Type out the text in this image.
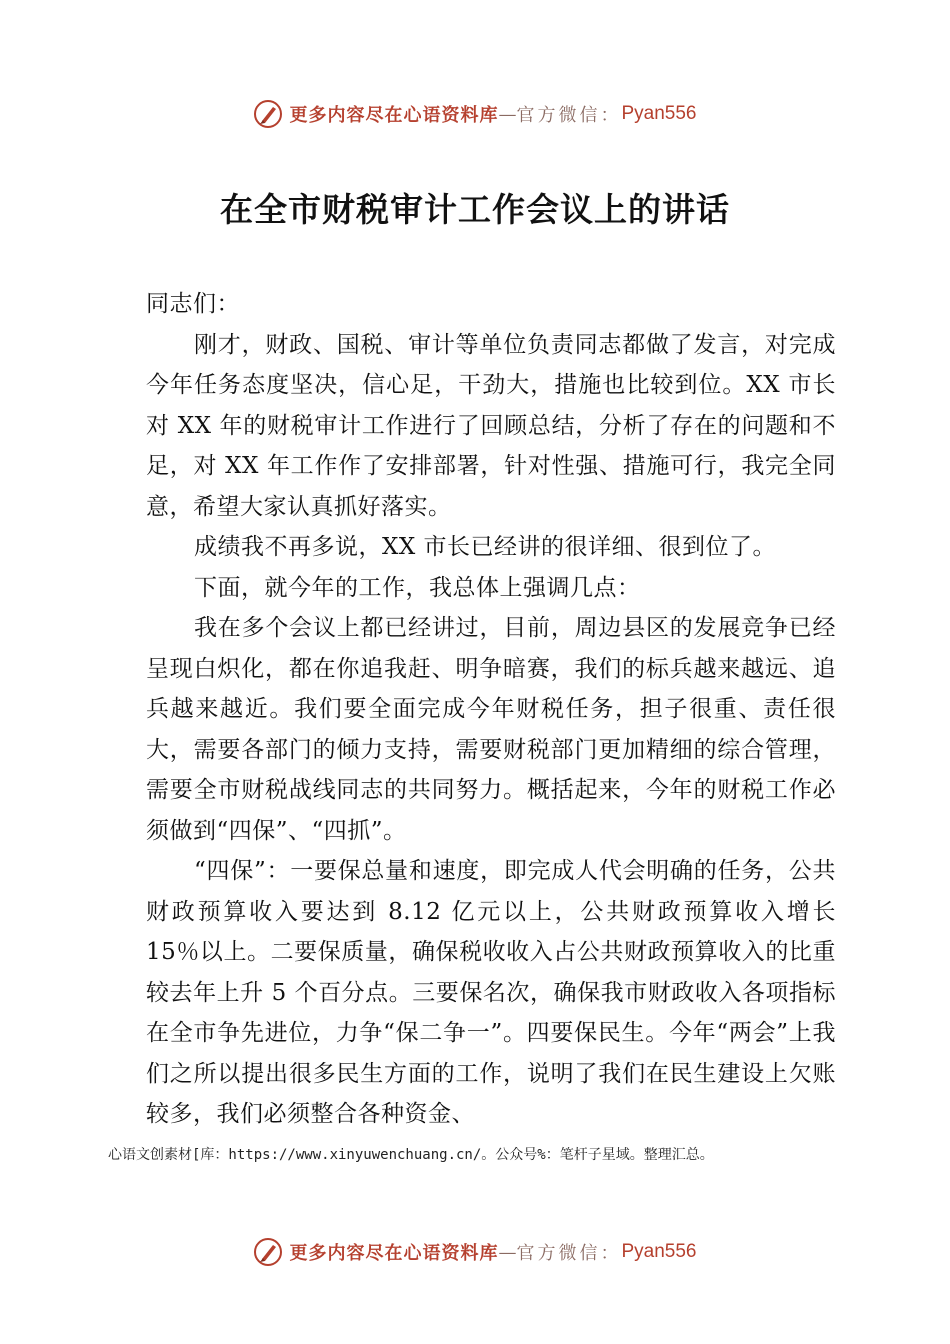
更多内容尽在心语资料库 — 官方微信： Pyan556
在全市财税审计工作会议上的讲话

同志们：

刚才，财政、国税、审计等单位负责同志都做了发言，对完成今年任务态度坚决，信心足，干劲大，措施也比较到位。XX 市长对 XX 年的财税审计工作进行了回顾总结，分析了存在的问题和不足，对 XX 年工作作了安排部署，针对性强、措施可行，我完全同意，希望大家认真抓好落实。

成绩我不再多说，XX 市长已经讲的很详细、很到位了。

下面，就今年的工作，我总体上强调几点：

我在多个会议上都已经讲过，目前，周边县区的发展竞争已经呈现白炽化，都在你追我赶、明争暗赛，我们的标兵越来越远、追兵越来越近。我们要全面完成今年财税任务，担子很重、责任很大，需要各部门的倾力支持，需要财税部门更加精细的综合管理，需要全市财税战线同志的共同努力。概括起来，今年的财税工作必须做到“四保”、“四抓”。

“四保”：一要保总量和速度，即完成人代会明确的任务，公共财政预算收入要达到 8.12 亿元以上，公共财政预算收入增长 15％以上。二要保质量，确保税收收入占公共财政预算收入的比重较去年上升 5 个百分点。三要保名次，确保我市财政收入各项指标在全市争先进位，力争“保二争一”。四要保民生。今年“两会”上我们之所以提出很多民生方面的工作，说明了我们在民生建设上欠账较多，我们必须整合各种资金、

心语文创素材[库：https://www.xinyuwenchuang.cn/。公众号%：笔杆子星域。整理汇总。
更多内容尽在心语资料库 — 官方微信： Pyan556
